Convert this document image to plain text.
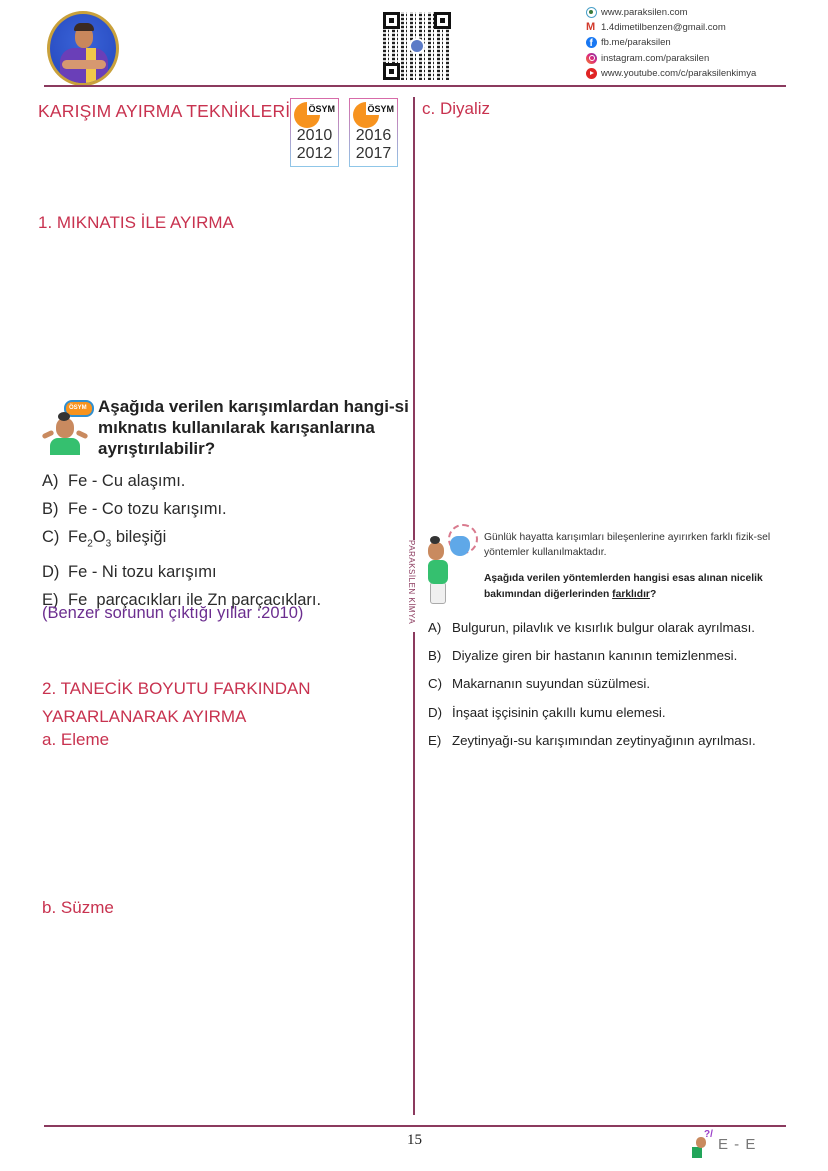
www.paraksilen.com
M
1.4dimetilbenzen@gmail.com
f
fb.me/paraksilen
instagram.com/paraksilen
www.youtube.com/c/paraksilenkimya
PARAKSİLEN KİMYA
KARIŞIM AYIRMA TEKNİKLERİ ÖSYM
2010
2012
ÖSYM
2016
2017
1. MIKNATIS İLE AYIRMA
ÖSYM Aşağıda verilen karışımlardan hangi-si mıknatıs kullanılarak karışanlarına ayrıştırılabilir?
A) Fe - Cu alaşımı.
B) Fe - Co tozu karışımı.
C) $Fe_2O_3$ bileşiği
D) Fe - Ni tozu karışımı
E) Fe  parçacıkları ile Zn parçacıkları.
(Benzer sorunun çıktığı yıllar :2010)
2. TANECİK BOYUTU FARKINDAN
YARARLANARAK AYIRMA
a. Eleme
b. Süzme
c. Diyaliz
Günlük hayatta karışımları bileşenlerine ayırırken farklı fizik-sel yöntemler kullanılmaktadır.
Aşağıda verilen yöntemlerden hangisi esas alınan nicelik bakımından diğerlerinden farklıdır?
A) Bulgurun, pilavlık ve kısırlık bulgur olarak ayrılması.
B) Diyalize giren bir hastanın kanının temizlenmesi.
C) Makarnanın suyundan süzülmesi.
D) İnşaat işçisinin çakıllı kumu elemesi.
E) Zeytinyağı-su karışımından zeytinyağının ayrılması.
15	?/
E - E
